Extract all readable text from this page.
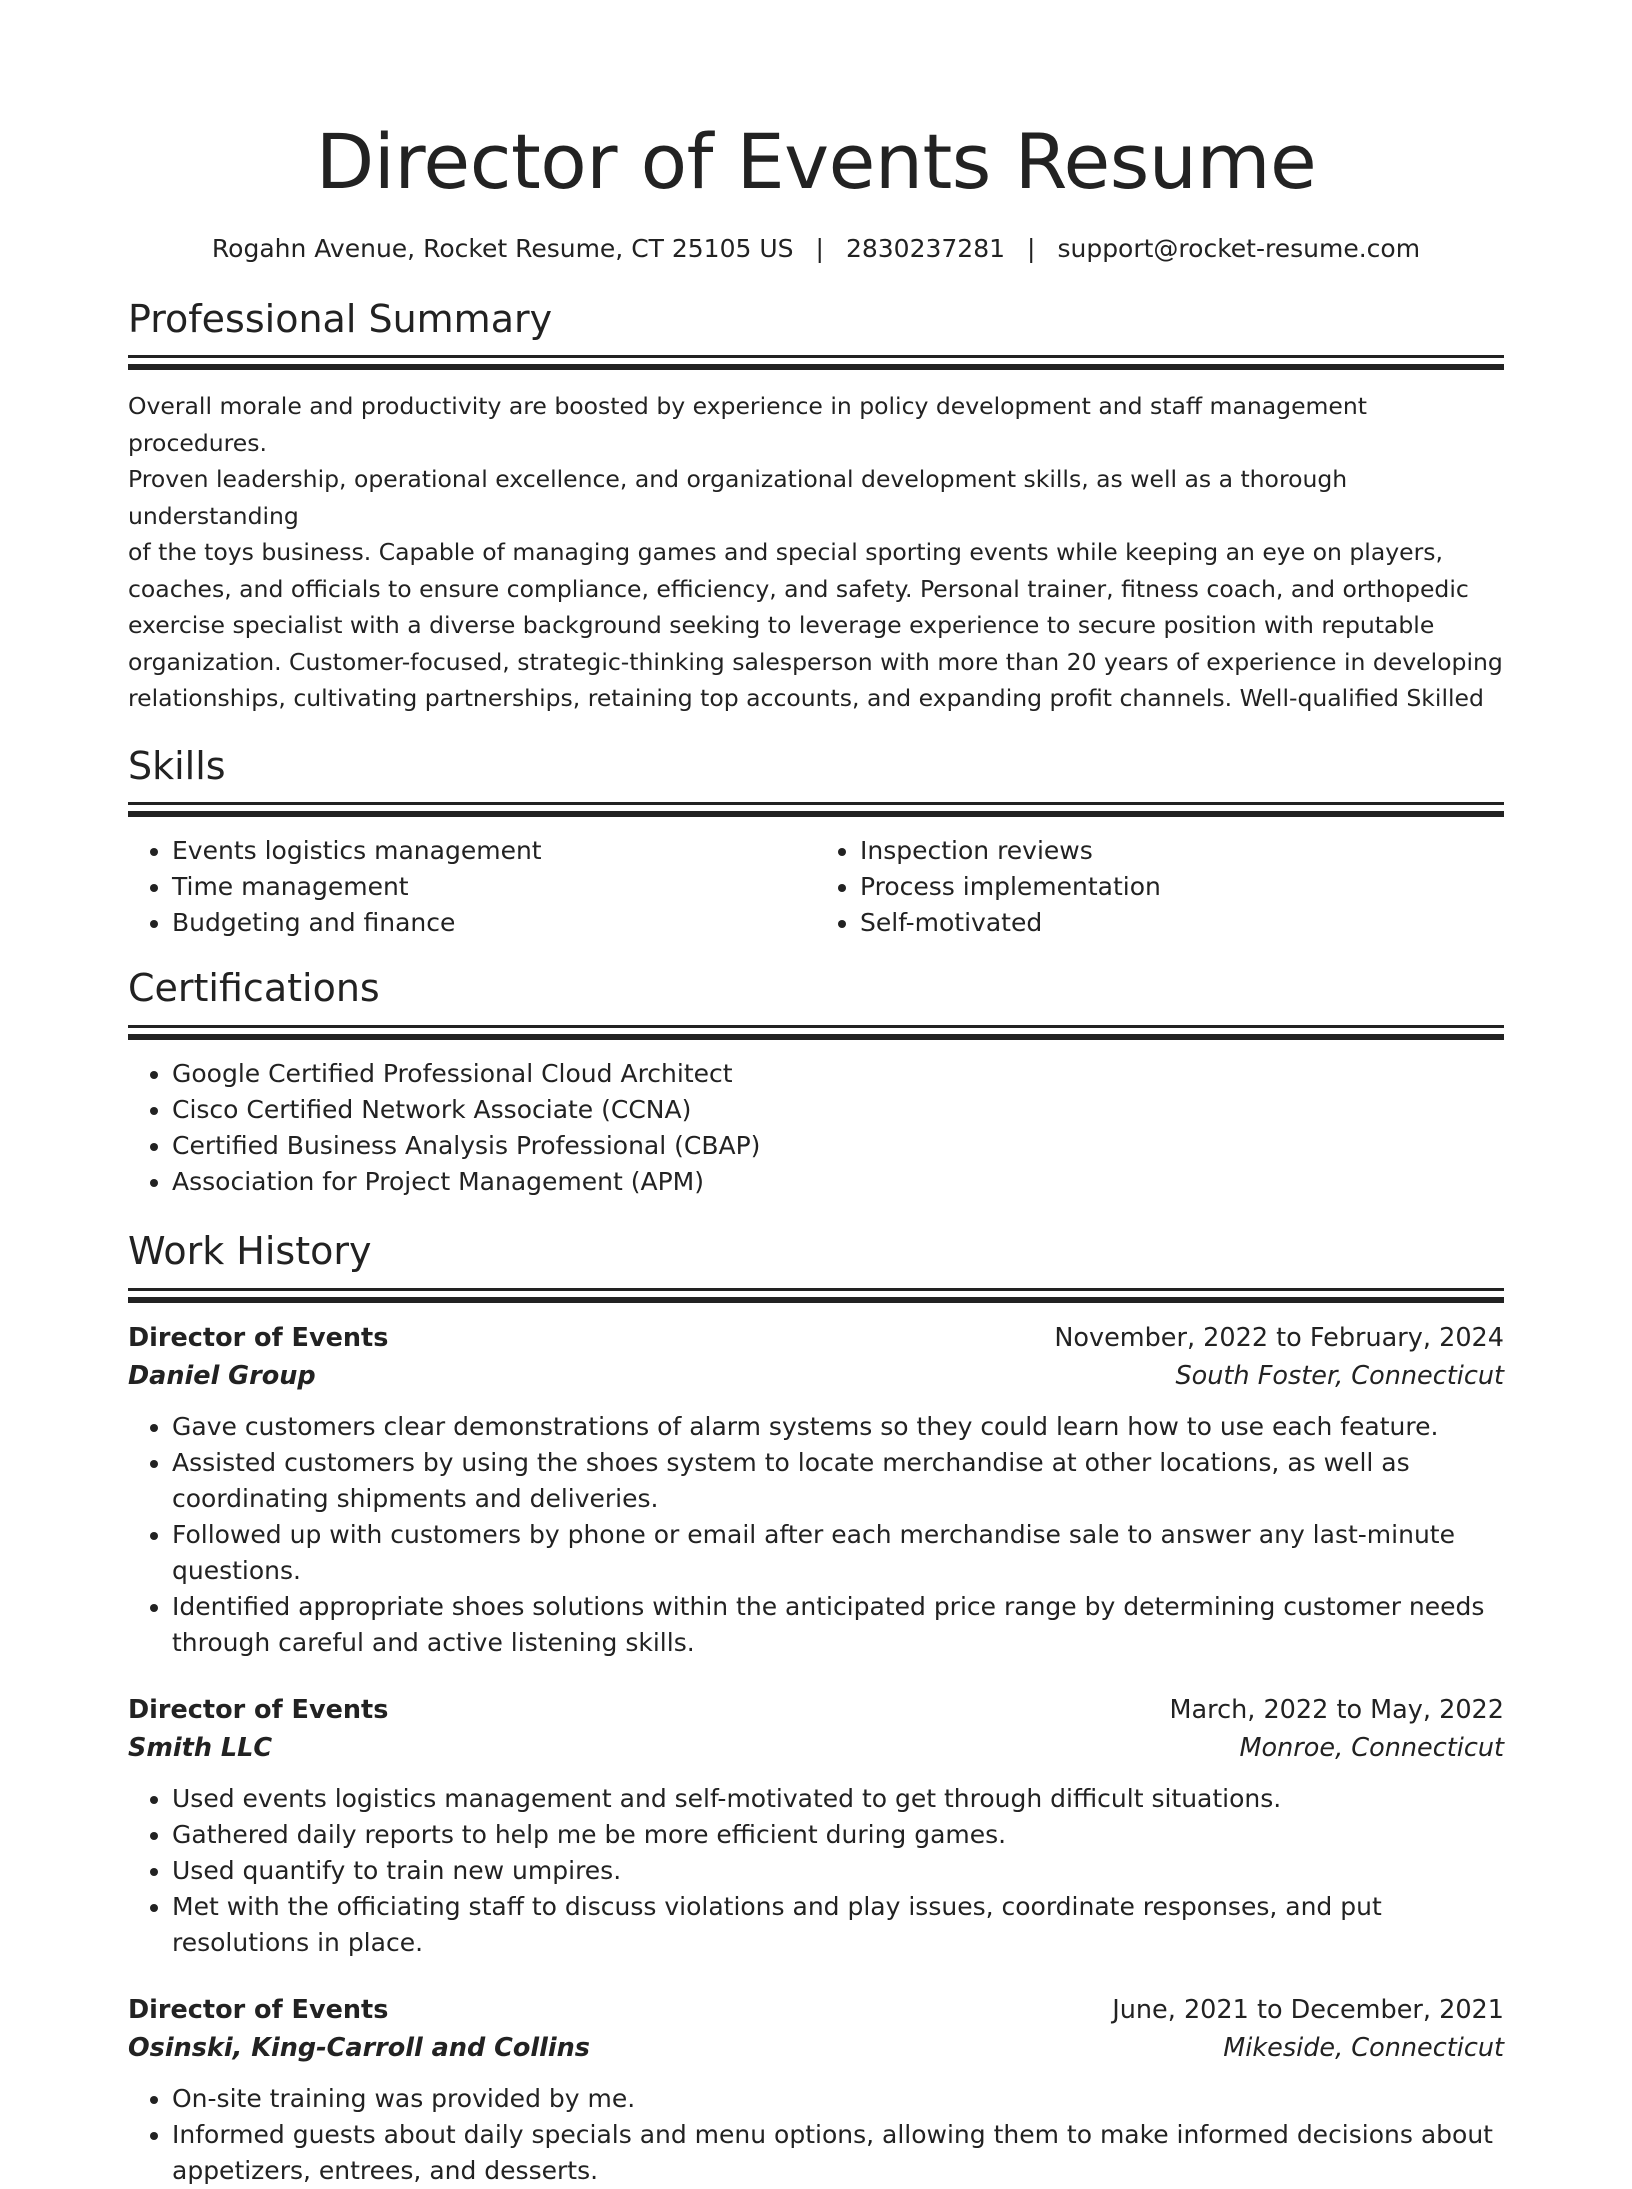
Director of Events Resume
Rogahn Avenue, Rocket Resume, CT 25105 US | 2830237281 | support@rocket-resume.com
Professional Summary
Overall morale and productivity are boosted by experience in policy development and staff management procedures.
Proven leadership, operational excellence, and organizational development skills, as well as a thorough understanding
of the toys business. Capable of managing games and special sporting events while keeping an eye on players,
coaches, and officials to ensure compliance, efficiency, and safety. Personal trainer, fitness coach, and orthopedic
exercise specialist with a diverse background seeking to leverage experience to secure position with reputable
organization. Customer-focused, strategic-thinking salesperson with more than 20 years of experience in developing
relationships, cultivating partnerships, retaining top accounts, and expanding profit channels. Well-qualified Skilled
Skills
• Events logistics management
• Time management
• Budgeting and finance
• Inspection reviews
• Process implementation
• Self-motivated
Certifications
• Google Certified Professional Cloud Architect
• Cisco Certified Network Associate (CCNA)
• Certified Business Analysis Professional (CBAP)
• Association for Project Management (APM)
Work History
Director of Events	November, 2022 to February, 2024
Daniel Group	South Foster, Connecticut
• Gave customers clear demonstrations of alarm systems so they could learn how to use each feature.
• Assisted customers by using the shoes system to locate merchandise at other locations, as well as coordinating shipments and deliveries.
• Followed up with customers by phone or email after each merchandise sale to answer any last-minute questions.
• Identified appropriate shoes solutions within the anticipated price range by determining customer needs through careful and active listening skills.
Director of Events	March, 2022 to May, 2022
Smith LLC	Monroe, Connecticut
• Used events logistics management and self-motivated to get through difficult situations.
• Gathered daily reports to help me be more efficient during games.
• Used quantify to train new umpires.
• Met with the officiating staff to discuss violations and play issues, coordinate responses, and put resolutions in place.
Director of Events	June, 2021 to December, 2021
Osinski, King-Carroll and Collins	Mikeside, Connecticut
• On-site training was provided by me.
• Informed guests about daily specials and menu options, allowing them to make informed decisions about appetizers, entrees, and desserts.
